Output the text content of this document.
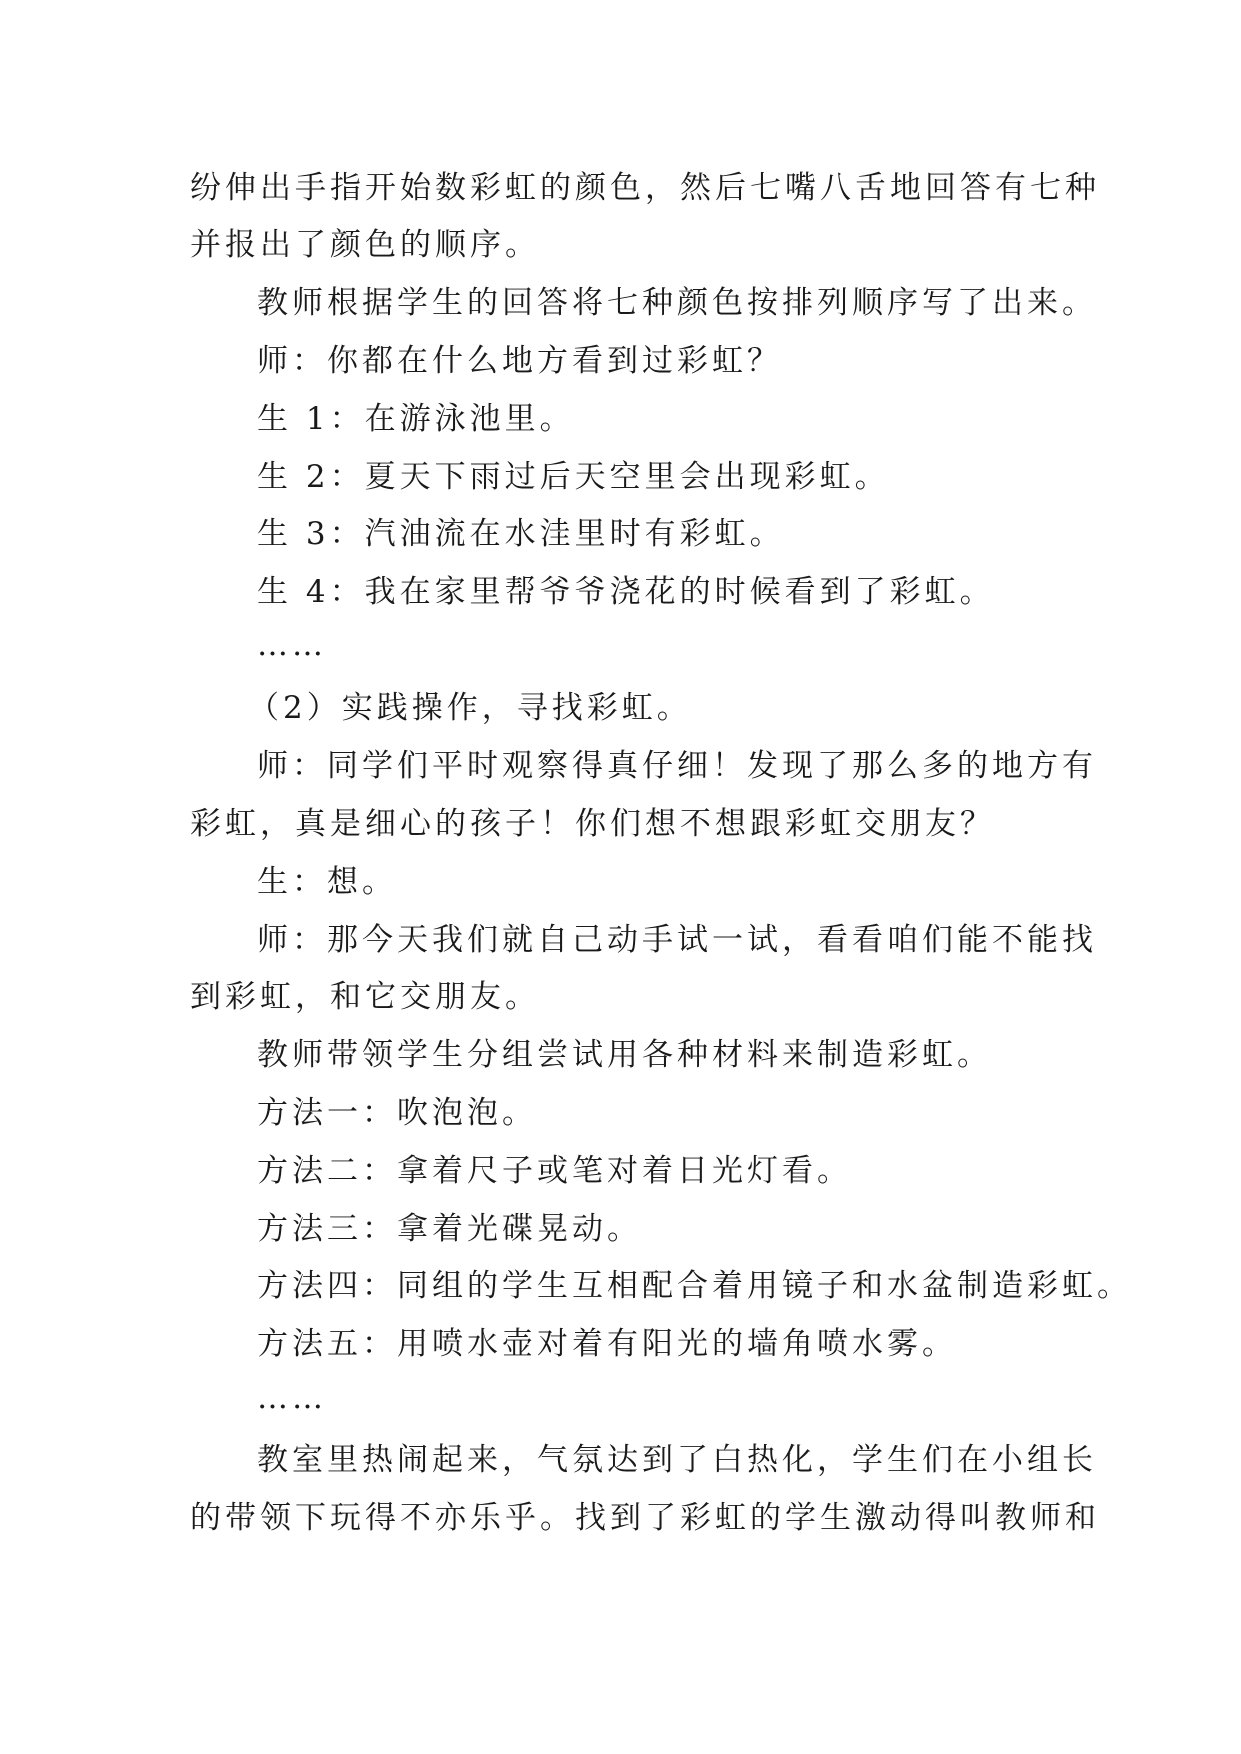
纷伸出手指开始数彩虹的颜色，然后七嘴八舌地回答有七种
并报出了颜色的顺序。
教师根据学生的回答将七种颜色按排列顺序写了出来。
师：你都在什么地方看到过彩虹？
生 1：在游泳池里。
生 2：夏天下雨过后天空里会出现彩虹。
生 3：汽油流在水洼里时有彩虹。
生 4：我在家里帮爷爷浇花的时候看到了彩虹。
……
（2）实践操作，寻找彩虹。
师：同学们平时观察得真仔细！发现了那么多的地方有
彩虹，真是细心的孩子！你们想不想跟彩虹交朋友？
生：想。
师：那今天我们就自己动手试一试，看看咱们能不能找
到彩虹，和它交朋友。
教师带领学生分组尝试用各种材料来制造彩虹。
方法一：吹泡泡。
方法二：拿着尺子或笔对着日光灯看。
方法三：拿着光碟晃动。
方法四：同组的学生互相配合着用镜子和水盆制造彩虹。
方法五：用喷水壶对着有阳光的墙角喷水雾。
……
教室里热闹起来，气氛达到了白热化，学生们在小组长
的带领下玩得不亦乐乎。找到了彩虹的学生激动得叫教师和
